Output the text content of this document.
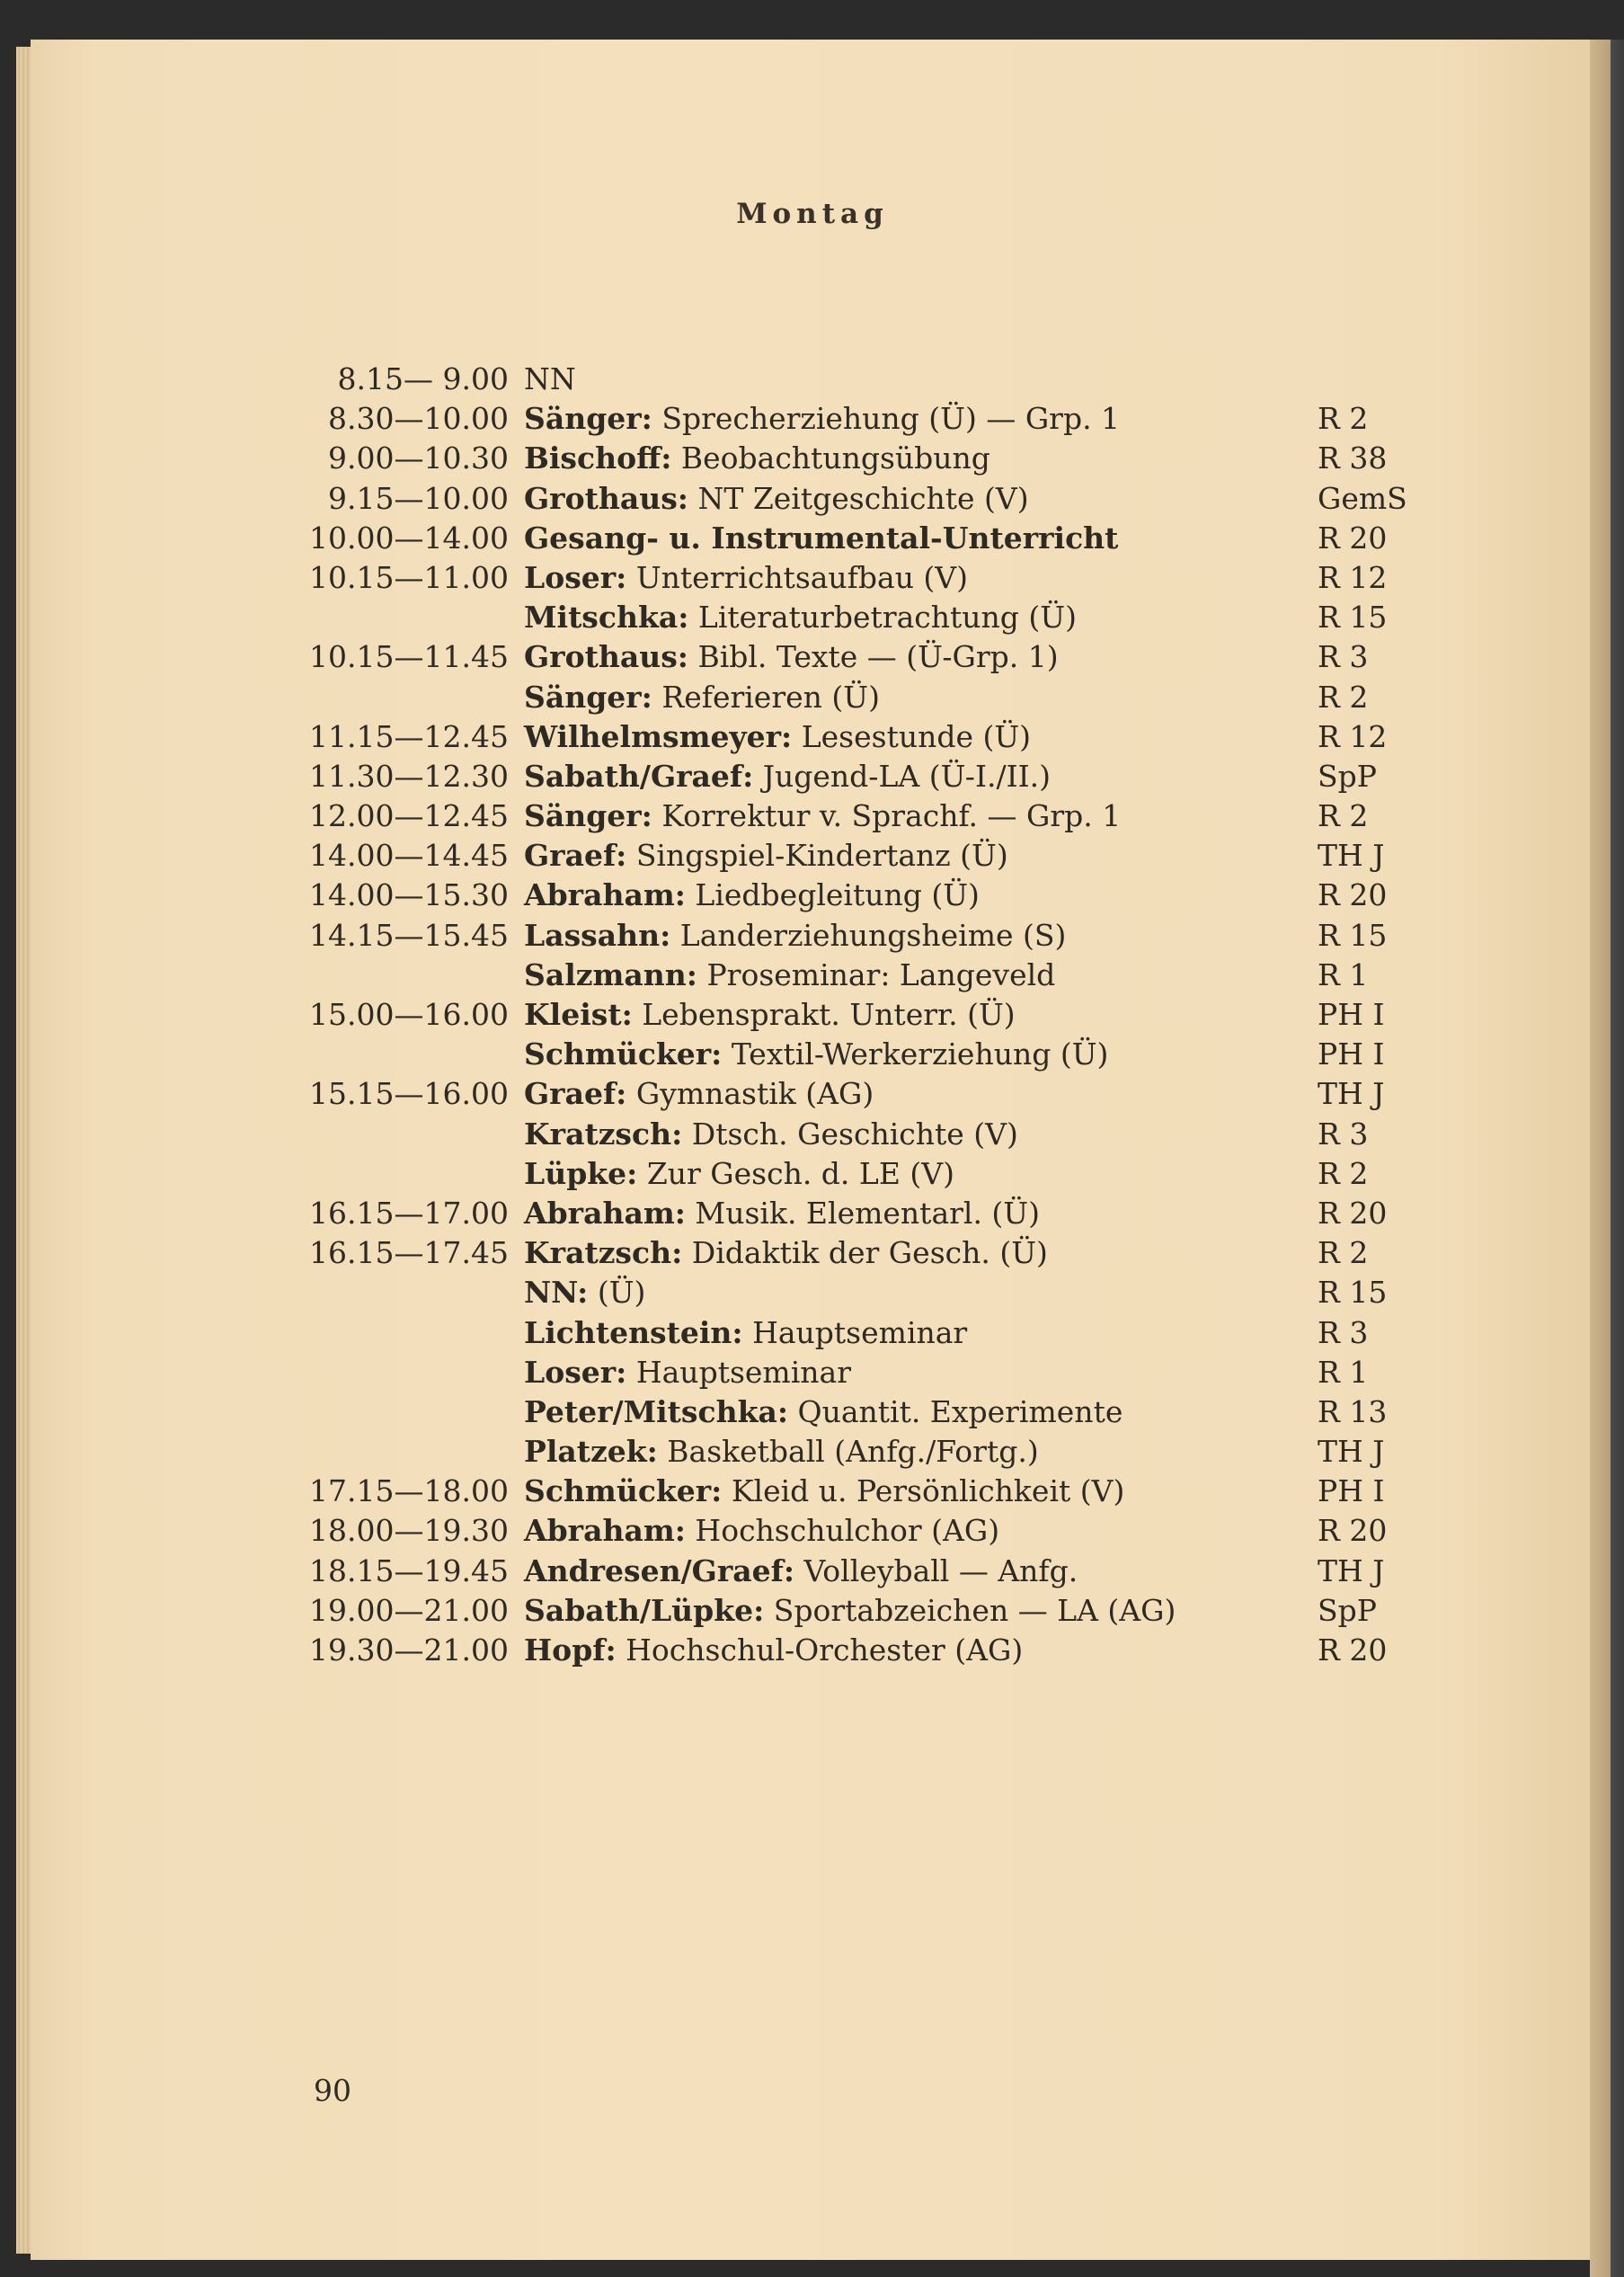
Montag
8.15— 9.00 NN
8.30—10.00 Sänger: Sprecherziehung (Ü) — Grp. 1	R 2
9.00—10.30 Bischoff: Beobachtungsübung	R 38
9.15—10.00 Grothaus: NT Zeitgeschichte (V)	GemS
10.00—14.00 Gesang- u. Instrumental-Unterricht	R 20
10.15—11.00 Loser: Unterrichtsaufbau (V)	R 12
Mitschka: Literaturbetrachtung (Ü)	R 15
10.15—11.45 Grothaus: Bibl. Texte — (Ü-Grp. 1)	R 3
Sänger: Referieren (Ü)	R 2
11.15—12.45 Wilhelmsmeyer: Lesestunde (Ü)	R 12
11.30—12.30 Sabath/Graef: Jugend-LA (Ü-I./II.)	SpP
12.00—12.45 Sänger: Korrektur v. Sprachf. — Grp. 1	R 2
14.00—14.45 Graef: Singspiel-Kindertanz (Ü)	TH J
14.00—15.30 Abraham: Liedbegleitung (Ü)	R 20
14.15—15.45 Lassahn: Landerziehungsheime (S)	R 15
Salzmann: Proseminar: Langeveld	R 1
15.00—16.00 Kleist: Lebensprakt. Unterr. (Ü)	PH I
Schmücker: Textil-Werkerziehung (Ü)	PH I
15.15—16.00 Graef: Gymnastik (AG)	TH J
Kratzsch: Dtsch. Geschichte (V)	R 3
Lüpke: Zur Gesch. d. LE (V)	R 2
16.15—17.00 Abraham: Musik. Elementarl. (Ü)	R 20
16.15—17.45 Kratzsch: Didaktik der Gesch. (Ü)	R 2
NN: (Ü)	R 15
Lichtenstein: Hauptseminar	R 3
Loser: Hauptseminar	R 1
Peter/Mitschka: Quantit. Experimente	R 13
Platzek: Basketball (Anfg./Fortg.)	TH J
17.15—18.00 Schmücker: Kleid u. Persönlichkeit (V)	PH I
18.00—19.30 Abraham: Hochschulchor (AG)	R 20
18.15—19.45 Andresen/Graef: Volleyball — Anfg.	TH J
19.00—21.00 Sabath/Lüpke: Sportabzeichen — LA (AG)	SpP
19.30—21.00 Hopf: Hochschul-Orchester (AG)	R 20
90
